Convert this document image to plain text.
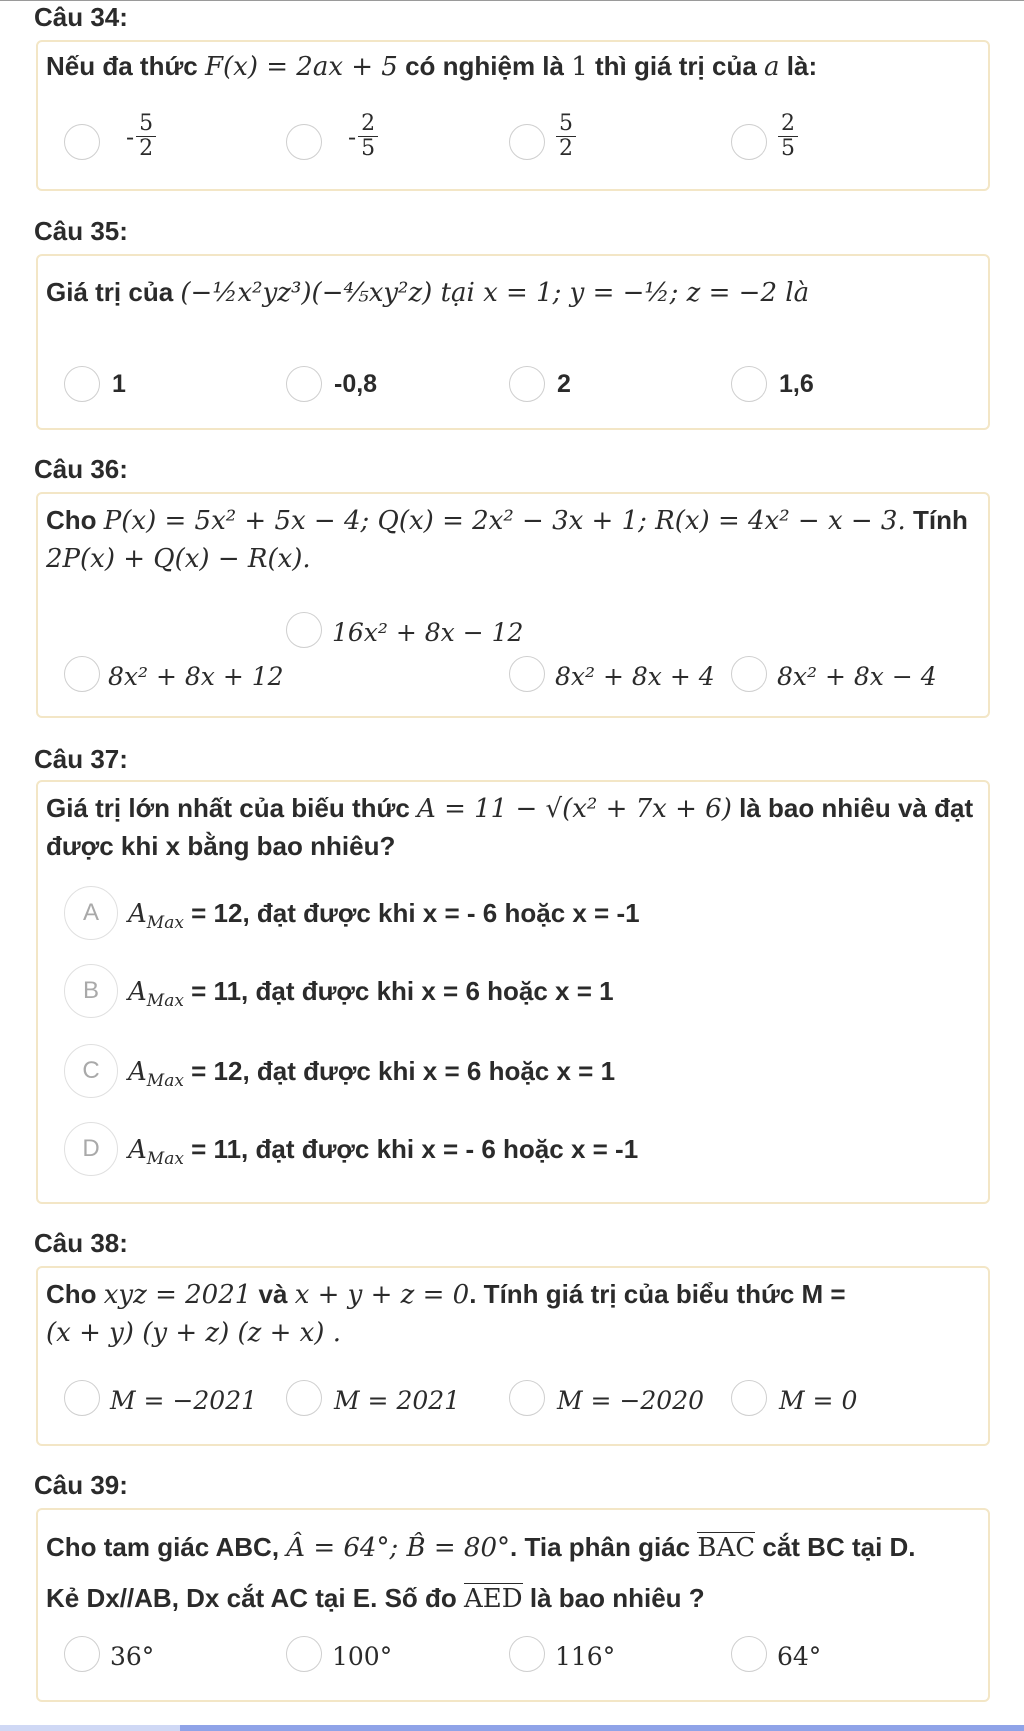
Câu 34:
Nếu đa thức F(x) = 2ax + 5 có nghiệm là 1 thì giá trị của a là:
- $\frac{5}{2}$	- $\frac{2}{5}$	$\frac{5}{2}$	$\frac{2}{5}$
Câu 35:
Giá trị của (−½x²yz³)(−⅘xy²z) tại x = 1; y = −½; z = −2 là
1	-0,8	2	1,6
Câu 36:
Cho P(x) = 5x² + 5x − 4; Q(x) = 2x² − 3x + 1; R(x) = 4x² − x − 3. Tính
2P(x) + Q(x) − R(x).
8x² + 8x + 12
16x² + 8x − 12
8x² + 8x + 4 8x² + 8x − 4
Câu 37:
Giá trị lớn nhất của biếu thức A = 11 − √(x² + 7x + 6) là bao nhiêu và đạt
được khi x bằng bao nhiêu?
A	$A_{Max} = 12$, đạt được khi x = - 6 hoặc x = -1
B	$A_{Max} = 11$, đạt được khi x = 6 hoặc x = 1
C	$A_{Max} = 12$, đạt được khi x = 6 hoặc x = 1
D	$A_{Max} = 11$, đạt được khi x = - 6 hoặc x = -1
Câu 38:
Cho xyz = 2021 và x + y + z = 0. Tính giá trị của biểu thức M =
(x + y) (y + z) (z + x) .
M = −2021	M = 2021	M = −2020	M = 0
Câu 39:
Cho tam giác ABC, Â = 64°; B̂ = 80°. Tia phân giác BAC cắt BC tại D.
Kẻ Dx//AB, Dx cắt AC tại E. Số đo AED là bao nhiêu ?
36°	100°	116°	64°
